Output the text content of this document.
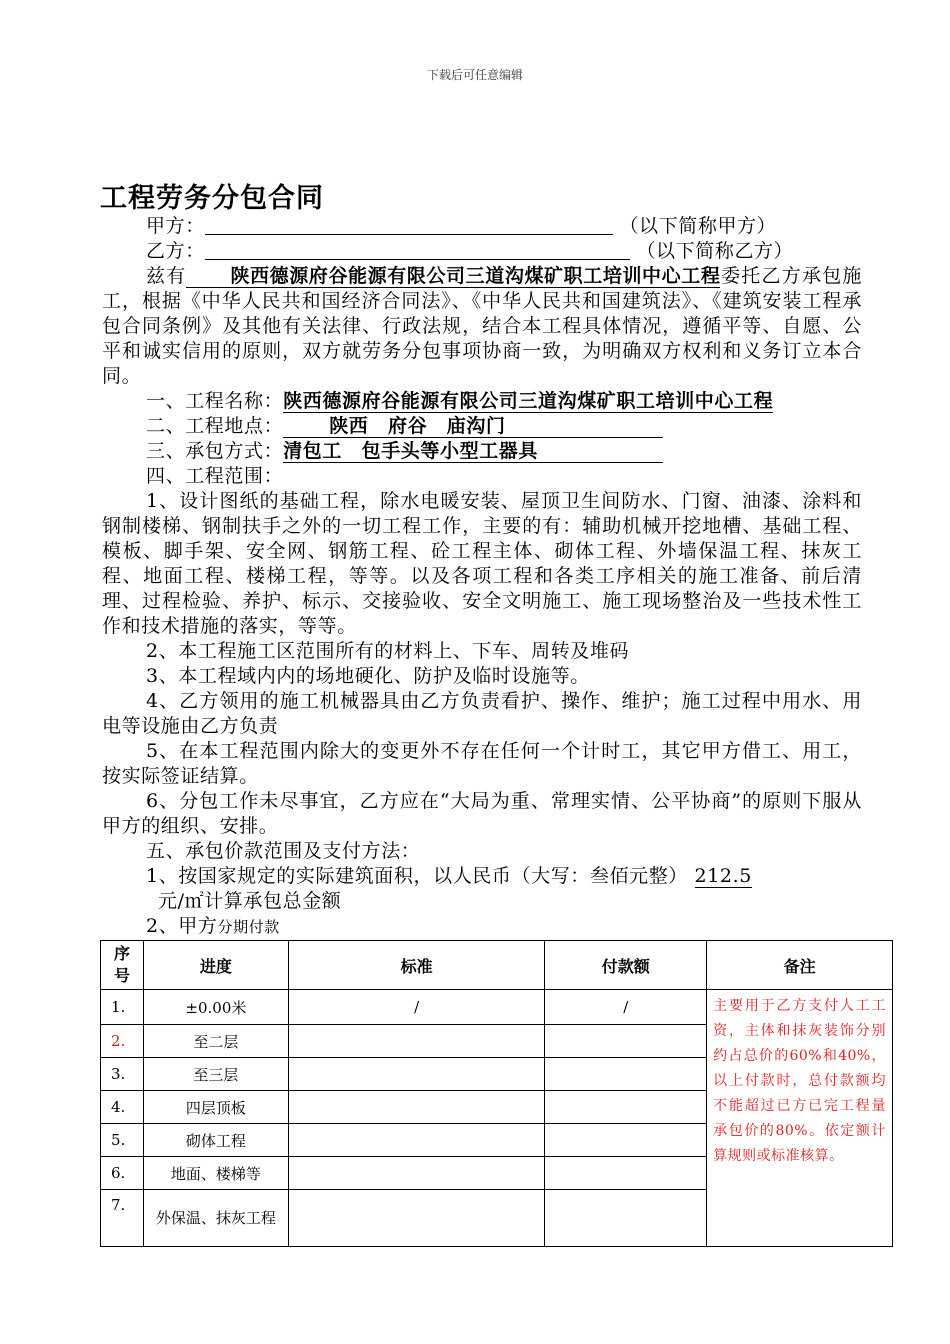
下载后可任意编辑
工程劳务分包合同
甲方：	（以下简称甲方）
乙方：	（以下简称乙方）

兹有 陕西德源府谷能源有限公司三道沟煤矿职工培训中心工程委托乙方承包施工，根据《中华人民共和国经济合同法》、《中华人民共和国建筑法》、《建筑安装工程承包合同条例》及其他有关法律、行政法规，结合本工程具体情况，遵循平等、自愿、公平和诚实信用的原则，双方就劳务分包事项协商一致，为明确双方权利和义务订立本合同。

一、工程名称：陕西德源府谷能源有限公司三道沟煤矿职工培训中心工程
二、工程地点： 陕西　府谷　庙沟门
三、承包方式：清包工　包手头等小型工器具
四、工程范围：

1、设计图纸的基础工程，除水电暖安装、屋顶卫生间防水、门窗、油漆、涂料和钢制楼梯、钢制扶手之外的一切工程工作，主要的有：辅助机械开挖地槽、基础工程、模板、脚手架、安全网、钢筋工程、砼工程主体、砌体工程、外墙保温工程、抹灰工程、地面工程、楼梯工程，等等。以及各项工程和各类工序相关的施工准备、前后清理、过程检验、养护、标示、交接验收、安全文明施工、施工现场整治及一些技术性工作和技术措施的落实，等等。

2、本工程施工区范围所有的材料上、下车、周转及堆码

3、本工程域内内的场地硬化、防护及临时设施等。

4、乙方领用的施工机械器具由乙方负责看护、操作、维护；施工过程中用水、用电等设施由乙方负责

5、在本工程范围内除大的变更外不存在任何一个计时工，其它甲方借工、用工，按实际签证结算。

6、分包工作未尽事宜，乙方应在“大局为重、常理实情、公平协商”的原则下服从甲方的组织、安排。

五、承包价款范围及支付方法：
1、按国家规定的实际建筑面积，以人民币（大写：叁佰元整） 212.5
元/㎡计算承包总金额
2、甲方分期付款
序号	进度	标准	付款额	备注
1.	±0.00米	/	/	主要用于乙方支付人工工资，主体和抹灰装饰分别约占总价的60%和40%，以上付款时，总付款额均不能超过已方已完工程量承包价的80%。依定额计算规则或标准核算。
2.	至二层			
3.	至三层			
4.	四层顶板			
5.	砌体工程			
6.	地面、楼梯等			
7.	外保温、抹灰工程			
